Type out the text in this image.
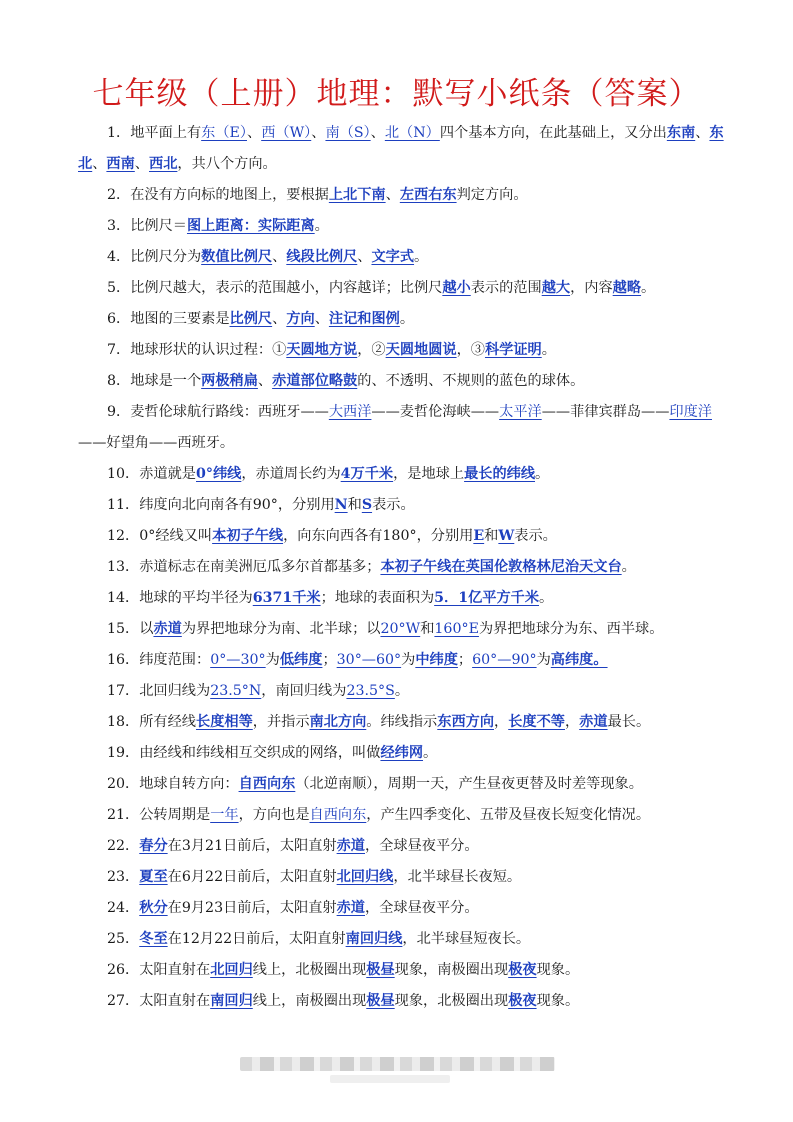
七年级（上册）地理：默写小纸条（答案）

1．地平面上有东（E）、西（W）、南（S）、北（N）四个基本方向，在此基础上，又分出东南、东北、西南、西北，共八个方向。

2．在没有方向标的地图上，要根据上北下南、左西右东判定方向。

3．比例尺＝图上距离：实际距离。

4．比例尺分为数值比例尺、线段比例尺、文字式。

5．比例尺越大，表示的范围越小，内容越详；比例尺越小表示的范围越大，内容越略。

6．地图的三要素是比例尺、方向、注记和图例。

7．地球形状的认识过程：①天圆地方说，②天圆地圆说，③科学证明。

8．地球是一个两极稍扁、赤道部位略鼓的、不透明、不规则的蓝色的球体。

9．麦哲伦球航行路线：西班牙——大西洋——麦哲伦海峡——太平洋——菲律宾群岛——印度洋——好望角——西班牙。

10．赤道就是0°纬线，赤道周长约为4万千米，是地球上最长的纬线。

11．纬度向北向南各有90°，分别用N和S表示。

12．0°经线又叫本初子午线，向东向西各有180°，分别用E和W表示。

13．赤道标志在南美洲厄瓜多尔首都基多；本初子午线在英国伦敦格林尼治天文台。

14．地球的平均半径为6371千米；地球的表面积为5．1亿平方千米。

15．以赤道为界把地球分为南、北半球；以20°W和160°E为界把地球分为东、西半球。

16．纬度范围：0°—30°为低纬度；30°—60°为中纬度；60°—90°为高纬度。

17．北回归线为23.5°N，南回归线为23.5°S。

18．所有经线长度相等，并指示南北方向。纬线指示东西方向，长度不等，赤道最长。

19．由经线和纬线相互交织成的网络，叫做经纬网。

20．地球自转方向：自西向东（北逆南顺），周期一天，产生昼夜更替及时差等现象。

21．公转周期是一年，方向也是自西向东，产生四季变化、五带及昼夜长短变化情况。

22．春分在3月21日前后，太阳直射赤道，全球昼夜平分。

23．夏至在6月22日前后，太阳直射北回归线，北半球昼长夜短。

24．秋分在9月23日前后，太阳直射赤道，全球昼夜平分。

25．冬至在12月22日前后，太阳直射南回归线，北半球昼短夜长。

26．太阳直射在北回归线上，北极圈出现极昼现象，南极圈出现极夜现象。

27．太阳直射在南回归线上，南极圈出现极昼现象，北极圈出现极夜现象。
